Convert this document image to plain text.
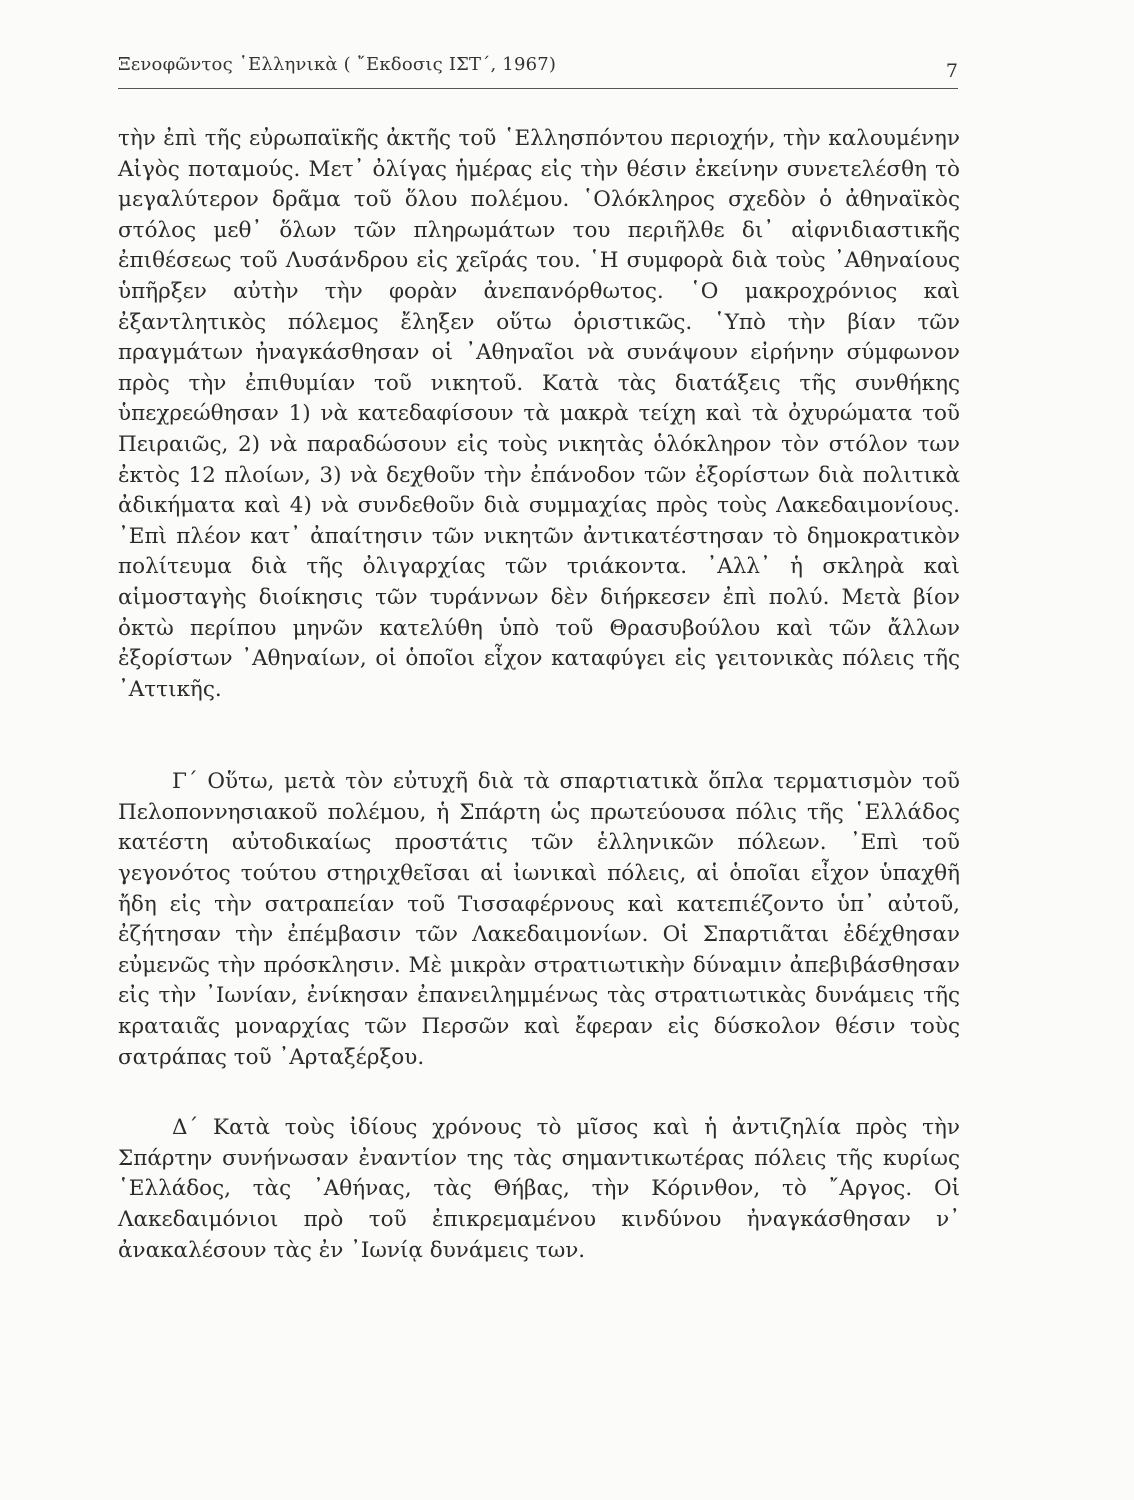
Ξενοφῶντος ῾Ελληνικὰ ( ῎Εκδοσις ΙΣΤ΄, 1967)	7

τὴν ἐπὶ τῆς εὐρωπαϊκῆς ἀκτῆς τοῦ ῾Ελλησπόντου περιοχήν, τὴν καλουμένην Αἰγὸς ποταμούς. Μετ᾽ ὀλίγας ἡμέρας εἰς τὴν θέσιν ἐκείνην συνετελέσθη τὸ μεγαλύτερον δρᾶμα τοῦ ὅλου πολέμου. ῾Ολόκληρος σχεδὸν ὁ ἀθηναϊκὸς στόλος μεθ᾽ ὅλων τῶν πληρωμάτων του περιῆλθε δι᾽ αἰφνιδιαστικῆς ἐπιθέσεως τοῦ Λυσάνδρου εἰς χεῖράς του. ῾Η συμφορὰ διὰ τοὺς ᾽Αθηναίους ὑπῆρξεν αὐτὴν τὴν φορὰν ἀνεπανόρθωτος. ῾Ο μακροχρόνιος καὶ ἐξαντλητικὸς πόλεμος ἔληξεν οὕτω ὁριστικῶς. ῾Υπὸ τὴν βίαν τῶν πραγμάτων ἠναγκάσθησαν οἱ ᾽Αθηναῖοι νὰ συνάψουν εἰρήνην σύμφωνον πρὸς τὴν ἐπιθυμίαν τοῦ νικητοῦ. Κατὰ τὰς διατάξεις τῆς συνθήκης ὑπεχρεώθησαν 1) νὰ κατεδαφίσουν τὰ μακρὰ τείχη καὶ τὰ ὀχυρώματα τοῦ Πειραιῶς, 2) νὰ παραδώσουν εἰς τοὺς νικητὰς ὁλόκληρον τὸν στόλον των ἐκτὸς 12 πλοίων, 3) νὰ δεχθοῦν τὴν ἐπάνοδον τῶν ἐξορίστων διὰ πολιτικὰ ἀδικήματα καὶ 4) νὰ συνδεθοῦν διὰ συμμαχίας πρὸς τοὺς Λακεδαιμονίους. ᾽Επὶ πλέον κατ᾽ ἀπαίτησιν τῶν νικητῶν ἀντικατέστησαν τὸ δημοκρατικὸν πολίτευμα διὰ τῆς ὀλιγαρχίας τῶν τριάκοντα. ᾽Αλλ᾽ ἡ σκληρὰ καὶ αἱμοσταγὴς διοίκησις τῶν τυράννων δὲν διήρκεσεν ἐπὶ πολύ. Μετὰ βίον ὀκτὼ περίπου μηνῶν κατελύθη ὑπὸ τοῦ Θρασυβούλου καὶ τῶν ἄλλων ἐξορίστων ᾽Αθηναίων, οἱ ὁποῖοι εἶχον καταφύγει εἰς γειτονικὰς πόλεις τῆς ᾽Αττικῆς.

Γ΄ Οὕτω, μετὰ τὸν εὐτυχῆ διὰ τὰ σπαρτιατικὰ ὅπλα τερματισμὸν τοῦ Πελοποννησιακοῦ πολέμου, ἡ Σπάρτη ὡς πρωτεύουσα πόλις τῆς ῾Ελλάδος κατέστη αὐτοδικαίως προστάτις τῶν ἑλληνικῶν πόλεων. ᾽Επὶ τοῦ γεγονότος τούτου στηριχθεῖσαι αἱ ἰωνικαὶ πόλεις, αἱ ὁποῖαι εἶχον ὑπαχθῆ ἤδη εἰς τὴν σατραπείαν τοῦ Τισσαφέρνους καὶ κατεπιέζοντο ὑπ᾽ αὐτοῦ, ἐζήτησαν τὴν ἐπέμβασιν τῶν Λακεδαιμονίων. Οἱ Σπαρτιᾶται ἐδέχθησαν εὐμενῶς τὴν πρόσκλησιν. Μὲ μικρὰν στρατιωτικὴν δύναμιν ἀπεβιβάσθησαν εἰς τὴν ᾽Ιωνίαν, ἐνίκησαν ἐπανειλημμένως τὰς στρατιωτικὰς δυνάμεις τῆς κραταιᾶς μοναρχίας τῶν Περσῶν καὶ ἔφεραν εἰς δύσκολον θέσιν τοὺς σατράπας τοῦ ᾽Αρταξέρξου.

Δ΄ Κατὰ τοὺς ἰδίους χρόνους τὸ μῖσος καὶ ἡ ἀντιζηλία πρὸς τὴν Σπάρτην συνήνωσαν ἐναντίον της τὰς σημαντικωτέρας πόλεις τῆς κυρίως ῾Ελλάδος, τὰς ᾽Αθήνας, τὰς Θήβας, τὴν Κόρινθον, τὸ ῎Αργος. Οἱ Λακεδαιμόνιοι πρὸ τοῦ ἐπικρεμαμένου κινδύνου ἠναγκάσθησαν ν᾽ ἀνακαλέσουν τὰς ἐν ᾽Ιωνίᾳ δυνάμεις των.
